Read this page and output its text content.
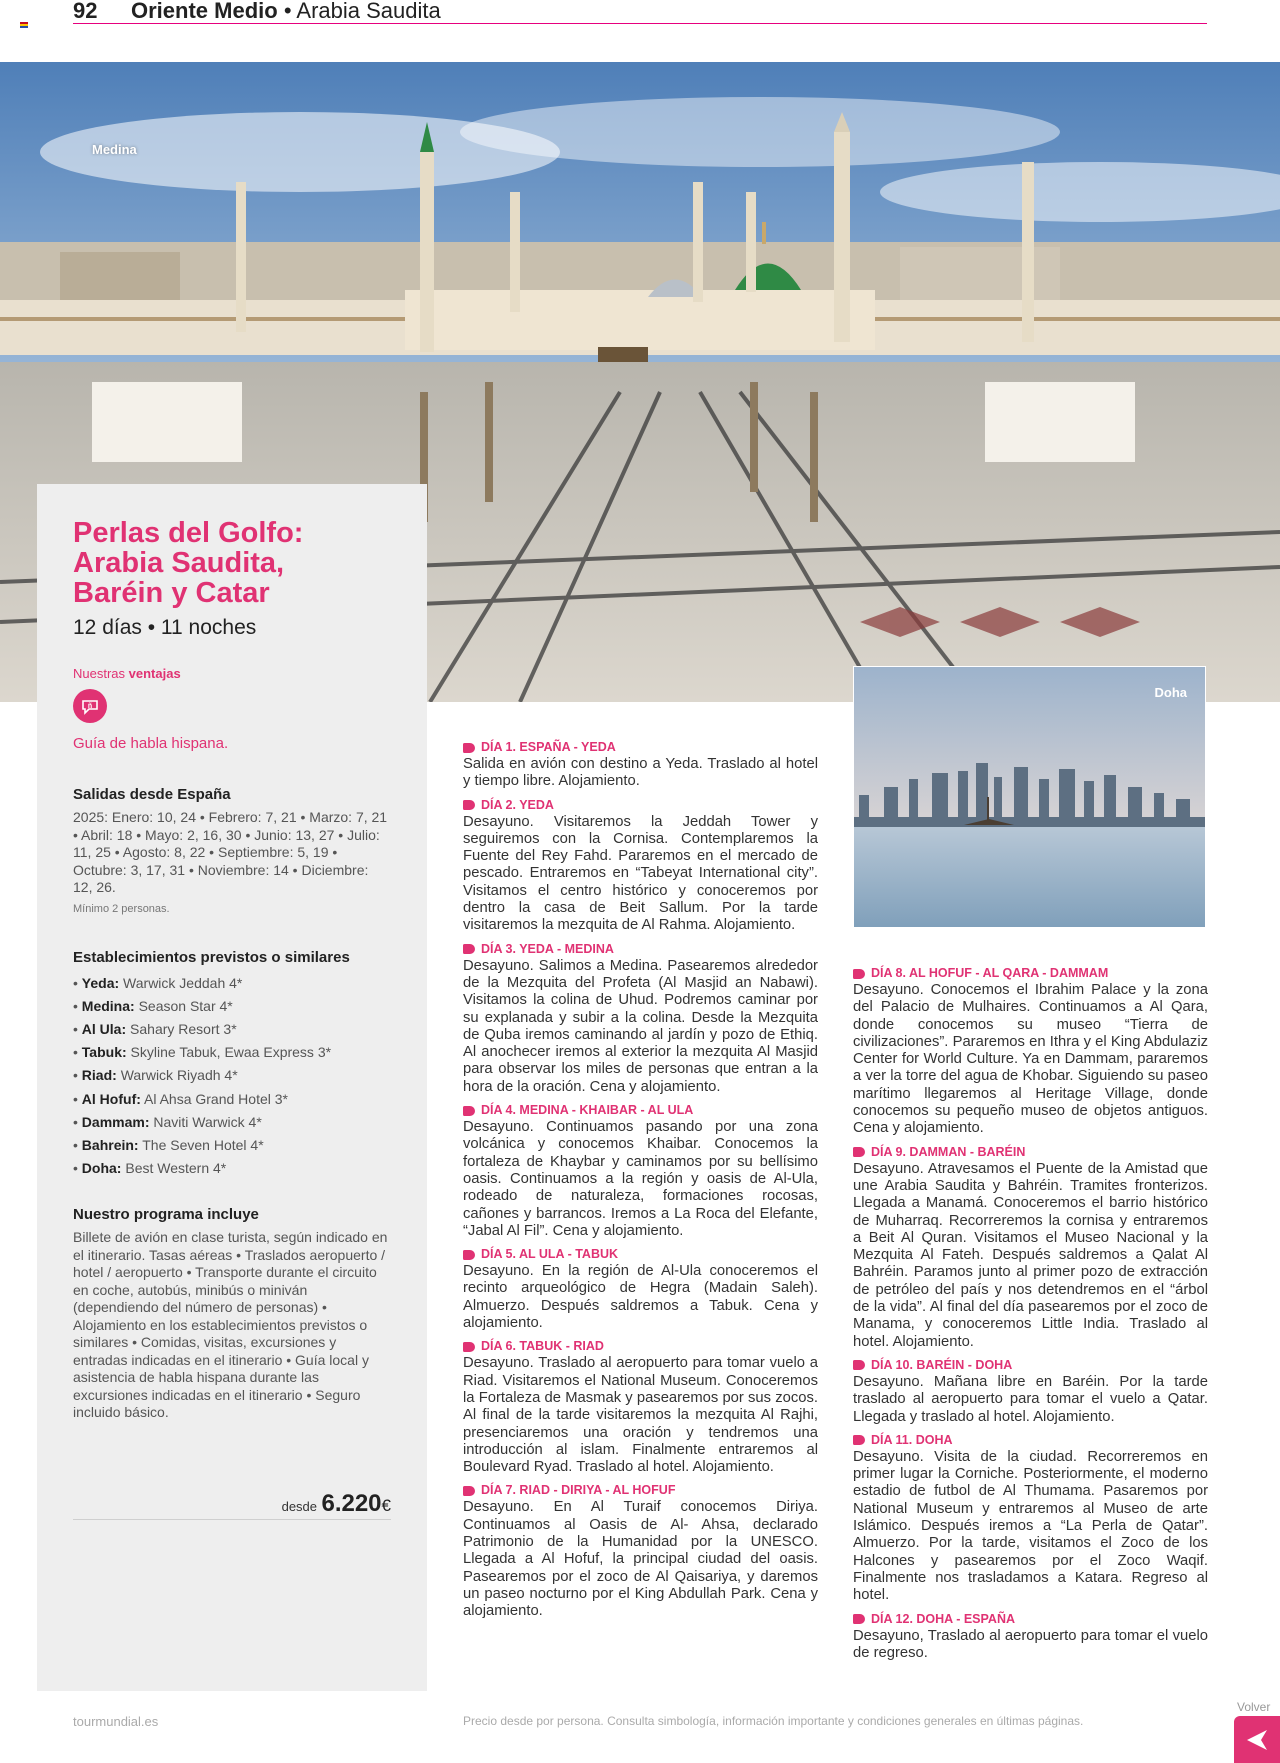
92 Oriente Medio • Arabia Saudita
Medina
Perlas del Golfo:
Arabia Saudita,
Baréin y Catar
12 días • 11 noches
Nuestras ventajas
ñ
Guía de habla hispana.
Salidas desde España

2025: Enero: 10, 24 • Febrero: 7, 21 • Marzo: 7, 21 • Abril: 18 • Mayo: 2, 16, 30 • Junio: 13, 27 • Julio: 11, 25 • Agosto: 8, 22 • Septiembre: 5, 19 • Octubre: 3, 17, 31 • Noviembre: 14 • Diciembre: 12, 26.

Mínimo 2 personas.

Establecimientos previstos o similares
• Yeda: Warwick Jeddah 4*
• Medina: Season Star 4*
• Al Ula: Sahary Resort 3*
• Tabuk: Skyline Tabuk, Ewaa Express 3*
• Riad: Warwick Riyadh 4*
• Al Hofuf: Al Ahsa Grand Hotel 3*
• Dammam: Naviti Warwick 4*
• Bahrein: The Seven Hotel 4*
• Doha: Best Western 4*
Nuestro programa incluye

Billete de avión en clase turista, según indicado en el itinerario. Tasas aéreas • Traslados aeropuerto / hotel / aeropuerto • Transporte durante el circuito en coche, autobús, minibús o miniván (dependiendo del número de personas) • Alojamiento en los establecimientos previstos o similares • Comidas, visitas, excursiones y entradas indicadas en el itinerario • Guía local y asistencia de habla hispana durante las excursiones indicadas en el itinerario • Seguro incluido básico.

desde 6.220€
Doha
DÍA 1. ESPAÑA - YEDA

Salida en avión con destino a Yeda. Traslado al hotel y tiempo libre. Alojamiento.

DÍA 2. YEDA

Desayuno. Visitaremos la Jeddah Tower y seguiremos con la Cornisa. Contemplaremos la Fuente del Rey Fahd. Pararemos en el mercado de pescado. Entraremos en “Tabeyat International city”. Visitamos el centro histórico y conoceremos por dentro la casa de Beit Sallum. Por la tarde visitaremos la mezquita de Al Rahma. Alojamiento.

DÍA 3. YEDA - MEDINA

Desayuno. Salimos a Medina. Pasearemos alrededor de la Mezquita del Profeta (Al Masjid an Nabawi). Visitamos la colina de Uhud. Podremos caminar por su explanada y subir a la colina. Desde la Mezquita de Quba iremos caminando al jardín y pozo de Ethiq. Al anochecer iremos al exterior la mezquita Al Masjid para observar los miles de personas que entran a la hora de la oración. Cena y alojamiento.

DÍA 4. MEDINA - KHAIBAR - AL ULA

Desayuno. Continuamos pasando por una zona volcánica y conocemos Khaibar. Conocemos la fortaleza de Khaybar y caminamos por su bellísimo oasis. Continuamos a la región y oasis de Al-Ula, rodeado de naturaleza, formaciones rocosas, cañones y barrancos. Iremos a La Roca del Elefante, “Jabal Al Fil”. Cena y alojamiento.

DÍA 5. AL ULA - TABUK

Desayuno. En la región de Al-Ula conoceremos el recinto arqueológico de Hegra (Madain Saleh). Almuerzo. Después saldremos a Tabuk. Cena y alojamiento.

DÍA 6. TABUK - RIAD

Desayuno. Traslado al aeropuerto para tomar vuelo a Riad. Visitaremos el National Museum. Conoceremos la Fortaleza de Masmak y pasearemos por sus zocos. Al final de la tarde visitaremos la mezquita Al Rajhi, presenciaremos una oración y tendremos una introducción al islam. Finalmente entraremos al Boulevard Ryad. Traslado al hotel. Alojamiento.

DÍA 7. RIAD - DIRIYA - AL HOFUF

Desayuno. En Al Turaif conocemos Diriya. Continuamos al Oasis de Al- Ahsa, declarado Patrimonio de la Humanidad por la UNESCO. Llegada a Al Hofuf, la principal ciudad del oasis. Pasearemos por el zoco de Al Qaisariya, y daremos un paseo nocturno por el King Abdullah Park. Cena y alojamiento.

DÍA 8. AL HOFUF - AL QARA - DAMMAM

Desayuno. Conocemos el Ibrahim Palace y la zona del Palacio de Mulhaires. Continuamos a Al Qara, donde conocemos su museo “Tierra de civilizaciones”. Pararemos en Ithra y el King Abdulaziz Center for World Culture. Ya en Dammam, pararemos a ver la torre del agua de Khobar. Siguiendo su paseo marítimo llegaremos al Heritage Village, donde conocemos su pequeño museo de objetos antiguos. Cena y alojamiento.

DÍA 9. DAMMAN - BARÉIN

Desayuno. Atravesamos el Puente de la Amistad que une Arabia Saudita y Bahréin. Tramites fronterizos. Llegada a Manamá. Conoceremos el barrio histórico de Muharraq. Recorreremos la cornisa y entraremos a Beit Al Quran. Visitamos el Museo Nacional y la Mezquita Al Fateh. Después saldremos a Qalat Al Bahréin. Paramos junto al primer pozo de extracción de petróleo del país y nos detendremos en el “árbol de la vida”. Al final del día pasearemos por el zoco de Manama, y conoceremos Little India. Traslado al hotel. Alojamiento.

DÍA 10. BARÉIN - DOHA

Desayuno. Mañana libre en Baréin. Por la tarde traslado al aeropuerto para tomar el vuelo a Qatar. Llegada y traslado al hotel. Alojamiento.

DÍA 11. DOHA

Desayuno. Visita de la ciudad. Recorreremos en primer lugar la Corniche. Posteriormente, el moderno estadio de futbol de Al Thumama. Pasaremos por National Museum y entraremos al Museo de arte Islámico. Después iremos a “La Perla de Qatar”. Almuerzo. Por la tarde, visitamos el Zoco de los Halcones y pasearemos por el Zoco Waqif. Finalmente nos trasladamos a Katara. Regreso al hotel.

DÍA 12. DOHA - ESPAÑA

Desayuno, Traslado al aeropuerto para tomar el vuelo de regreso.

tourmundial.es	Precio desde por persona. Consulta simbología, información importante y condiciones generales en últimas páginas.
Volver
